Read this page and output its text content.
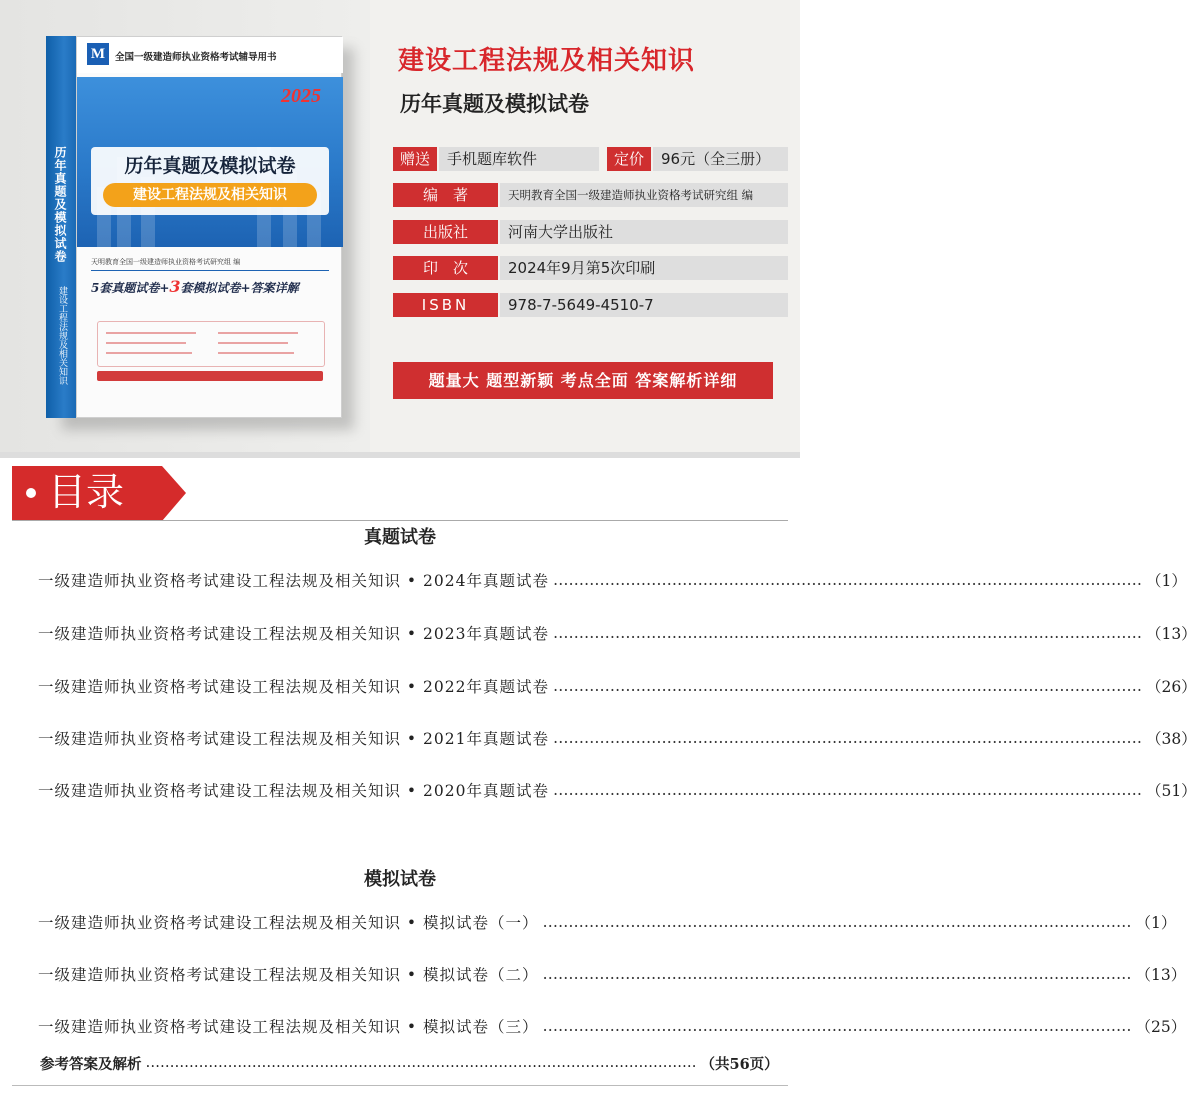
历年真题及模拟试卷
建设工程法规及相关知识
M	全国一级建造师执业资格考试辅导用书
2025
历年真题及模拟试卷
建设工程法规及相关知识
天明教育全国一级建造师执业资格考试研究组 编
5套真题试卷+3套模拟试卷+答案详解
建设工程法规及相关知识
历年真题及模拟试卷
赠送	手机题库软件	定价	96元（全三册）
编　著	天明教育全国一级建造师执业资格考试研究组 编
出版社	河南大学出版社
印　次	2024年9月第5次印刷
ISBN	978-7-5649-4510-7
题量大 题型新颖 考点全面 答案解析详细
目录
真题试卷
一级建造师执业资格考试建设工程法规及相关知识 • 2024年真题试卷 …………………………………………………………………………………………………… （1）
一级建造师执业资格考试建设工程法规及相关知识 • 2023年真题试卷 …………………………………………………………………………………………………… （13）
一级建造师执业资格考试建设工程法规及相关知识 • 2022年真题试卷 …………………………………………………………………………………………………… （26）
一级建造师执业资格考试建设工程法规及相关知识 • 2021年真题试卷 …………………………………………………………………………………………………… （38）
一级建造师执业资格考试建设工程法规及相关知识 • 2020年真题试卷 …………………………………………………………………………………………………… （51）
模拟试卷
一级建造师执业资格考试建设工程法规及相关知识 • 模拟试卷（一） …………………………………………………………………………………………………… （1）
一级建造师执业资格考试建设工程法规及相关知识 • 模拟试卷（二） …………………………………………………………………………………………………… （13）
一级建造师执业资格考试建设工程法规及相关知识 • 模拟试卷（三） …………………………………………………………………………………………………… （25）
参考答案及解析 …………………………………………………………………………………………………… （共56页）
